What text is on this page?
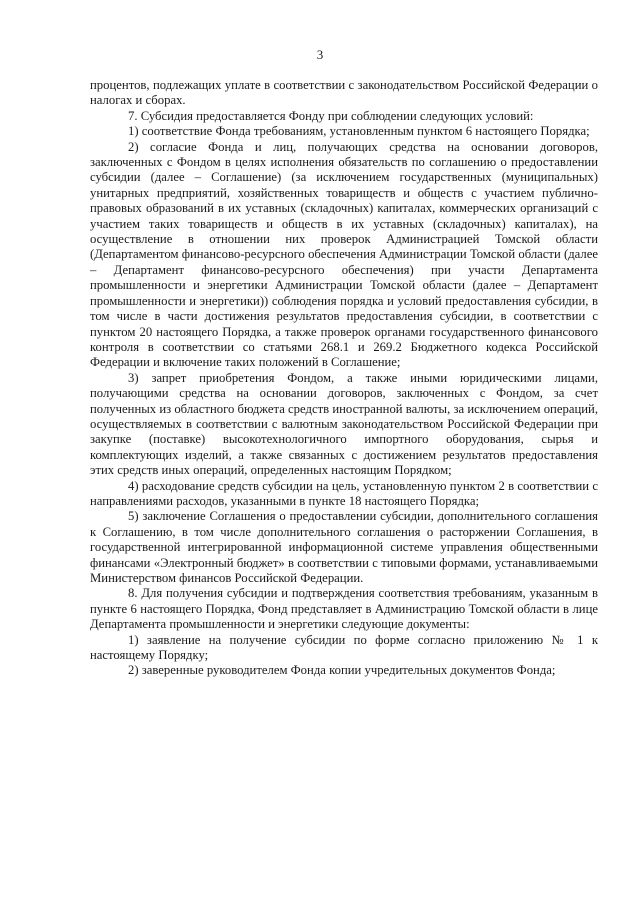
3

процентов, подлежащих уплате в соответствии с законодательством Российской Федерации о налогах и сборах.

7. Субсидия предоставляется Фонду при соблюдении следующих условий:

1) соответствие Фонда требованиям, установленным пунктом 6 настоящего Порядка;

2) согласие Фонда и лиц, получающих средства на основании договоров, заключенных с Фондом в целях исполнения обязательств по соглашению о предоставлении субсидии (далее – Соглашение) (за исключением государственных (муниципальных) унитарных предприятий, хозяйственных товариществ и обществ с участием публично-правовых образований в их уставных (складочных) капиталах, коммерческих организаций с участием таких товариществ и обществ в их уставных (складочных) капиталах), на осуществление в отношении них проверок Администрацией Томской области (Департаментом финансово-ресурсного обеспечения Администрации Томской области (далее – Департамент финансово-ресурсного обеспечения) при участи Департамента промышленности и энергетики Администрации Томской области (далее – Департамент промышленности и энергетики)) соблюдения порядка и условий предоставления субсидии, в том числе в части достижения результатов предоставления субсидии, в соответствии с пунктом 20 настоящего Порядка, а также проверок органами государственного финансового контроля в соответствии со статьями 268.1 и 269.2 Бюджетного кодекса Российской Федерации и включение таких положений в Соглашение;

3) запрет приобретения Фондом, а также иными юридическими лицами, получающими средства на основании договоров, заключенных с Фондом, за счет полученных из областного бюджета средств иностранной валюты, за исключением операций, осуществляемых в соответствии с валютным законодательством Российской Федерации при закупке (поставке) высокотехнологичного импортного оборудования, сырья и комплектующих изделий, а также связанных с достижением результатов предоставления этих средств иных операций, определенных настоящим Порядком;

4) расходование средств субсидии на цель, установленную пунктом 2 в соответствии с направлениями расходов, указанными в пункте 18 настоящего Порядка;

5) заключение Соглашения о предоставлении субсидии, дополнительного соглашения к Соглашению, в том числе дополнительного соглашения о расторжении Соглашения, в государственной интегрированной информационной системе управления общественными финансами «Электронный бюджет» в соответствии с типовыми формами, устанавливаемыми Министерством финансов Российской Федерации.

8. Для получения субсидии и подтверждения соответствия требованиям, указанным в пункте 6 настоящего Порядка, Фонд представляет в Администрацию Томской области в лице Департамента промышленности и энергетики следующие документы:

1) заявление на получение субсидии по форме согласно приложению № 1 к настоящему Порядку;

2) заверенные руководителем Фонда копии учредительных документов Фонда;
